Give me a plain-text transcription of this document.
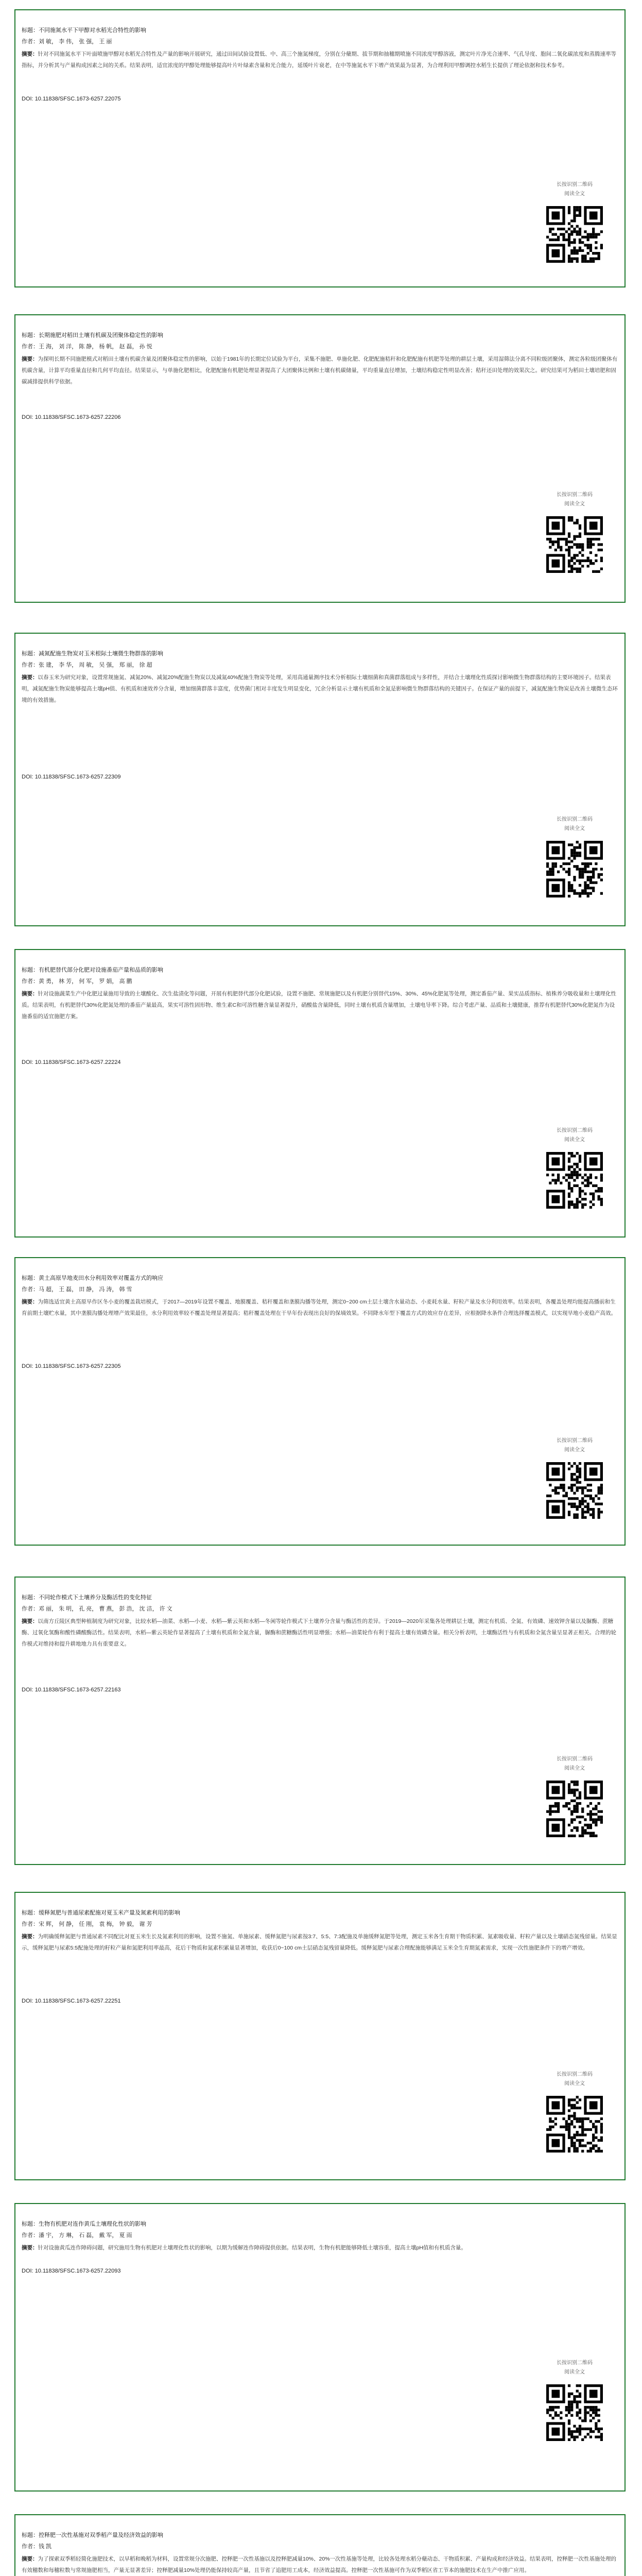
标题：不同施氮水平下甲醇对水稻光合特性的影响
作者：刘 敏， 李 伟， 张 强， 王 丽
摘要：针对不同施氮水平下叶面喷施甲醇对水稻光合特性及产量的影响开展研究，通过田间试验设置低、中、高三个施氮梯度，分别在分蘖期、拔节期和抽穗期喷施不同浓度甲醇溶液，测定叶片净光合速率、气孔导度、胞间二氧化碳浓度和蒸腾速率等指标，并分析其与产量构成因素之间的关系。结果表明，适宜浓度的甲醇处理能够提高叶片叶绿素含量和光合能力，延缓叶片衰老，在中等施氮水平下增产效果最为显著，为合理利用甲醇调控水稻生长提供了理论依据和技术参考。
DOI: 10.11838/SFSC.1673-6257.22075
长按识别二维码
阅读全文
标题：长期施肥对稻田土壤有机碳及团聚体稳定性的影响
作者：王 海， 刘 洋， 陈 静， 杨 帆， 赵 磊， 孙 悦
摘要：为探明长期不同施肥模式对稻田土壤有机碳含量及团聚体稳定性的影响，以始于1981年的长期定位试验为平台，采集不施肥、单施化肥、化肥配施秸秆和化肥配施有机肥等处理的耕层土壤，采用湿筛法分离不同粒级团聚体，测定各粒级团聚体有机碳含量，计算平均重量直径和几何平均直径。结果显示，与单施化肥相比，化肥配施有机肥处理显著提高了大团聚体比例和土壤有机碳储量，平均重量直径增加，土壤结构稳定性明显改善；秸秆还田处理的效果次之。研究结果可为稻田土壤培肥和固碳减排提供科学依据。
DOI: 10.11838/SFSC.1673-6257.22206
长按识别二维码
阅读全文
标题：减氮配施生物炭对玉米根际土壤微生物群落的影响
作者：张 建， 李 华， 周 敏， 吴 强， 郑 丽， 徐 超
摘要：以春玉米为研究对象，设置常规施氮、减氮20%、减氮20%配施生物炭以及减氮40%配施生物炭等处理，采用高通量测序技术分析根际土壤细菌和真菌群落组成与多样性，并结合土壤理化性质探讨影响微生物群落结构的主要环境因子。结果表明，减氮配施生物炭能够提高土壤pH值、有机质和速效养分含量，增加细菌群落丰富度，优势菌门相对丰度发生明显变化，冗余分析显示土壤有机质和全氮是影响微生物群落结构的关键因子。在保证产量的前提下，减氮配施生物炭是改善土壤微生态环境的有效措施。
DOI: 10.11838/SFSC.1673-6257.22309
长按识别二维码
阅读全文
标题：有机肥替代部分化肥对设施番茄产量和品质的影响
作者：黄 勇， 林 芳， 何 军， 罗 娟， 高 鹏
摘要：针对设施蔬菜生产中化肥过量施用导致的土壤酸化、次生盐渍化等问题，开展有机肥替代部分化肥试验，设置不施肥、常规施肥以及有机肥分别替代15%、30%、45%化肥氮等处理，测定番茄产量、果实品质指标、植株养分吸收量和土壤理化性质。结果表明，有机肥替代30%化肥氮处理的番茄产量最高，果实可溶性固形物、维生素C和可溶性糖含量显著提升，硝酸盐含量降低，同时土壤有机质含量增加，土壤电导率下降。综合考虑产量、品质和土壤健康，推荐有机肥替代30%化肥氮作为设施番茄的适宜施肥方案。
DOI: 10.11838/SFSC.1673-6257.22224
长按识别二维码
阅读全文
标题：黄土高原旱地麦田水分利用效率对覆盖方式的响应
作者：马 超， 王 磊， 田 静， 冯 涛， 韩 雪
摘要：为筛选适宜黄土高原旱作区冬小麦的覆盖栽培模式，于2017—2019年设置不覆盖、地膜覆盖、秸秆覆盖和垄膜沟播等处理，测定0~200 cm土层土壤含水量动态、小麦耗水量、籽粒产量及水分利用效率。结果表明，各覆盖处理均能提高播前和生育前期土壤贮水量，其中垄膜沟播处理增产效果最佳，水分利用效率较不覆盖处理显著提高；秸秆覆盖处理在干旱年份表现出良好的保墒效果。不同降水年型下覆盖方式的效应存在差异，应根据降水条件合理选择覆盖模式，以实现旱地小麦稳产高效。
DOI: 10.11838/SFSC.1673-6257.22305
长按识别二维码
阅读全文
标题：不同轮作模式下土壤养分及酶活性的变化特征
作者：邓 丽， 朱 明， 孔 亮， 曹 燕， 彭 浩， 沈 洁， 许 文
摘要：以南方丘陵区典型种植制度为研究对象，比较水稻—油菜、水稻—小麦、水稻—紫云英和水稻—冬闲等轮作模式下土壤养分含量与酶活性的差异。于2019—2020年采集各处理耕层土壤，测定有机质、全氮、有效磷、速效钾含量以及脲酶、蔗糖酶、过氧化氢酶和酸性磷酸酶活性。结果表明，水稻—紫云英轮作显著提高了土壤有机质和全氮含量，脲酶和蔗糖酶活性明显增强；水稻—油菜轮作有利于提高土壤有效磷含量。相关分析表明，土壤酶活性与有机质和全氮含量呈显著正相关。合理的轮作模式对维持和提升耕地地力具有重要意义。
DOI: 10.11838/SFSC.1673-6257.22163
长按识别二维码
阅读全文
标题：缓释氮肥与普通尿素配施对夏玉米产量及氮素利用的影响
作者：宋 辉， 何 静， 任 刚， 袁 梅， 钟 毅， 谢 芳
摘要：为明确缓释氮肥与普通尿素不同配比对夏玉米生长及氮素利用的影响，设置不施氮、单施尿素、缓释氮肥与尿素按3:7、5:5、7:3配施及单施缓释氮肥等处理，测定玉米各生育期干物质积累、氮素吸收量、籽粒产量以及土壤硝态氮残留量。结果显示，缓释氮肥与尿素5:5配施处理的籽粒产量和氮肥利用率最高，花后干物质和氮素积累量显著增加，收获后0~100 cm土层硝态氮残留量降低。缓释氮肥与尿素合理配施能够满足玉米全生育期氮素需求，实现一次性施肥条件下的增产增效。
DOI: 10.11838/SFSC.1673-6257.22251
长按识别二维码
阅读全文
标题：生物有机肥对连作黄瓜土壤理化性状的影响
作者：潘 宇， 方 琳， 石 磊， 戴 军， 夏 雨
摘要：针对设施黄瓜连作障碍问题，研究施用生物有机肥对土壤理化性状的影响，以期为缓解连作障碍提供依据。结果表明，生物有机肥能够降低土壤容重，提高土壤pH值和有机质含量。
DOI: 10.11838/SFSC.1673-6257.22093
长按识别二维码
阅读全文
标题：控释肥一次性基施对双季稻产量及经济效益的影响
作者：钱 凯
摘要：为了探索双季稻轻简化施肥技术，以早稻和晚稻为材料，设置常规分次施肥、控释肥一次性基施以及控释肥减量10%、20%一次性基施等处理，比较各处理水稻分蘖动态、干物质积累、产量构成和经济效益。结果表明，控释肥一次性基施处理的有效穗数和每穗粒数与常规施肥相当，产量无显著差异；控释肥减量10%处理仍能保持较高产量，且节省了追肥用工成本，经济效益提高。控释肥一次性基施可作为双季稻区省工节本的施肥技术在生产中推广应用。
